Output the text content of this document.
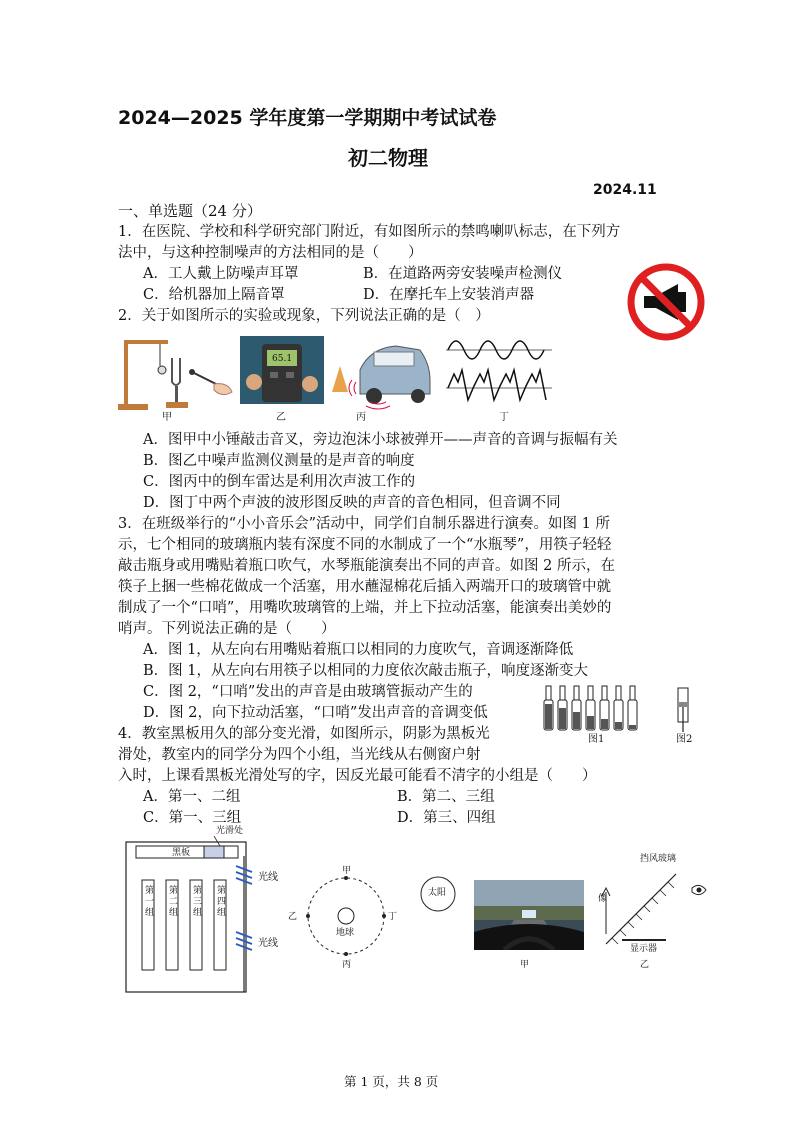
2024—2025 学年度第一学期期中考试试卷
初二物理
2024.11
一、单选题（24 分）
1．在医院、学校和科学研究部门附近，有如图所示的禁鸣喇叭标志，在下列方
法中，与这种控制噪声的方法相同的是（　　）
A．工人戴上防噪声耳罩	B．在道路两旁安装噪声检测仪
C．给机器加上隔音罩	D．在摩托车上安装消声器
2．关于如图所示的实验或现象，下列说法正确的是（　）
甲
65.1
乙	丙	丁
A．图甲中小锤敲击音叉，旁边泡沫小球被弹开——声音的音调与振幅有关
B．图乙中噪声监测仪测量的是声音的响度
C．图丙中的倒车雷达是利用次声波工作的
D．图丁中两个声波的波形图反映的声音的音色相同，但音调不同
3．在班级举行的“小小音乐会”活动中，同学们自制乐器进行演奏。如图 1 所
示，七个相同的玻璃瓶内装有深度不同的水制成了一个“水瓶琴”，用筷子轻轻
敲击瓶身或用嘴贴着瓶口吹气，水琴瓶能演奏出不同的声音。如图 2 所示，在
筷子上捆一些棉花做成一个活塞，用水蘸湿棉花后插入两端开口的玻璃管中就
制成了一个“口哨”，用嘴吹玻璃管的上端，并上下拉动活塞，能演奏出美妙的
哨声。下列说法正确的是（　　）
A．图 1，从左向右用嘴贴着瓶口以相同的力度吹气，音调逐渐降低
B．图 1，从左向右用筷子以相同的力度依次敲击瓶子，响度逐渐变大
C．图 2，“口哨”发出的声音是由玻璃管振动产生的
D．图 2，向下拉动活塞，“口哨”发出声音的音调变低
图1	图2
4．教室黑板用久的部分变光滑，如图所示，阴影为黑板光
滑处，教室内的同学分为四个小组，当光线从右侧窗户射
入时，上课看黑板光滑处写的字，因反光最可能看不清字的小组是（　　）
A．第一、二组	B．第二、三组
C．第一、三组	D．第三、四组
光滑处
黑板
光线
光线
第一组
第二组
第三组
第四组
甲
乙	丁
丙
地球
太阳
甲
挡风玻璃
像
显示器
乙
第 1 页，共 8 页
